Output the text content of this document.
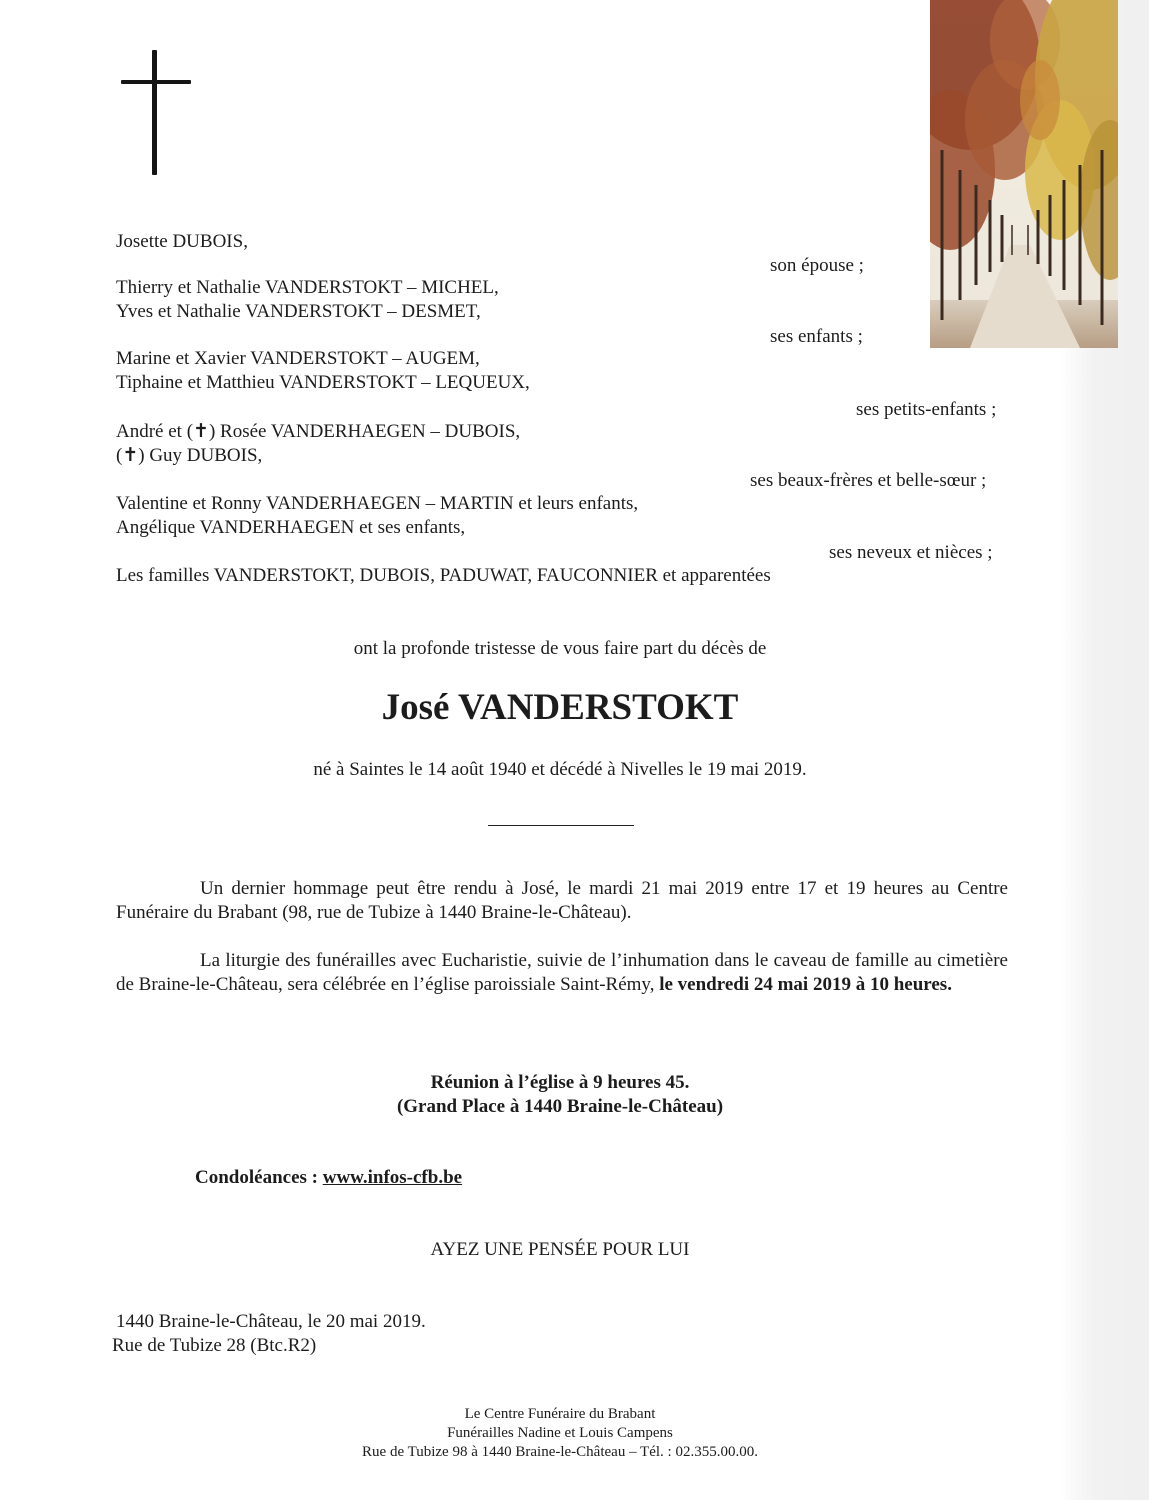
Josette DUBOIS,
son épouse ;
Thierry et Nathalie VANDERSTOKT – MICHEL,
Yves et Nathalie VANDERSTOKT – DESMET,
ses enfants ;
Marine et Xavier VANDERSTOKT – AUGEM,
Tiphaine et Matthieu VANDERSTOKT – LEQUEUX,
ses petits-enfants ;
André et (✝) Rosée VANDERHAEGEN – DUBOIS,
(✝) Guy DUBOIS,
ses beaux-frères et belle-sœur ;
Valentine et Ronny VANDERHAEGEN – MARTIN et leurs enfants,
Angélique VANDERHAEGEN et ses enfants,
ses neveux et nièces ;
Les familles VANDERSTOKT, DUBOIS, PADUWAT, FAUCONNIER et apparentées
ont la profonde tristesse de vous faire part du décès de
José VANDERSTOKT
né à Saintes le 14 août 1940 et décédé à Nivelles le 19 mai 2019.
Un dernier hommage peut être rendu à José, le mardi 21 mai 2019 entre 17 et 19 heures au Centre Funéraire du Brabant (98, rue de Tubize à 1440 Braine-le-Château).
La liturgie des funérailles avec Eucharistie, suivie de l’inhumation dans le caveau de famille au cimetière de Braine-le-Château, sera célébrée en l’église paroissiale Saint-Rémy, le vendredi 24 mai 2019 à 10 heures.
Réunion à l’église à 9 heures 45.
(Grand Place à 1440 Braine-le-Château)
Condoléances : www.infos-cfb.be
AYEZ UNE PENSÉE POUR LUI
1440 Braine-le-Château, le 20 mai 2019.
Rue de Tubize 28 (Btc.R2)
Le Centre Funéraire du Brabant
Funérailles Nadine et Louis Campens
Rue de Tubize 98 à 1440 Braine-le-Château – Tél. : 02.355.00.00.
